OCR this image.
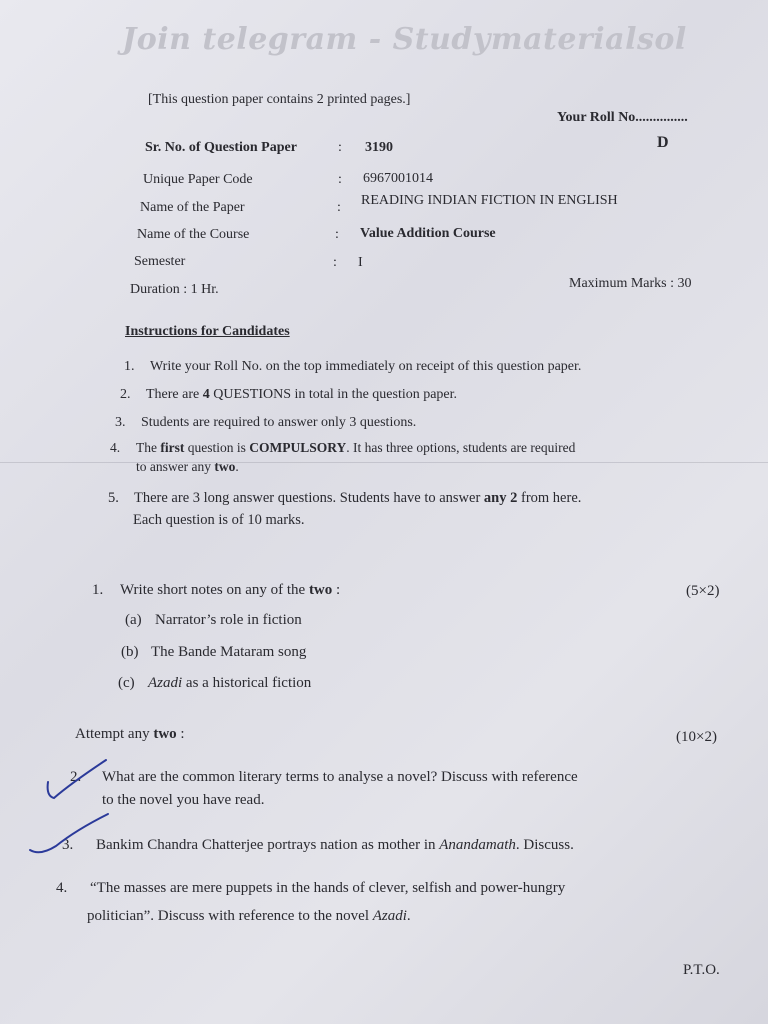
Join telegram - Studymaterialsol
[This question paper contains 2 printed pages.]
Your Roll No...............
D
Sr. No. of Question Paper	: 3190
Unique Paper Code	: 6967001014
Name of the Paper	: READING INDIAN FICTION IN ENGLISH
Name of the Course	: Value Addition Course
Semester	: I
Duration : 1 Hr.	Maximum Marks : 30
Instructions for Candidates
1. Write your Roll No. on the top immediately on receipt of this question paper.
2. There are 4 QUESTIONS in total in the question paper.
3. Students are required to answer only 3 questions.
4. The first question is COMPULSORY. It has three options, students are required
to answer any two.
5. There are 3 long answer questions. Students have to answer any 2 from here.
Each question is of 10 marks.
1. Write short notes on any of the two :	(5×2)
(a) Narrator’s role in fiction
(b) The Bande Mataram song
(c) Azadi as a historical fiction
Attempt any two :	(10×2)
2. What are the common literary terms to analyse a novel? Discuss with reference
to the novel you have read.
3. Bankim Chandra Chatterjee portrays nation as mother in Anandamath. Discuss.
4. “The masses are mere puppets in the hands of clever, selfish and power-hungry
politician”. Discuss with reference to the novel Azadi.
P.T.O.
